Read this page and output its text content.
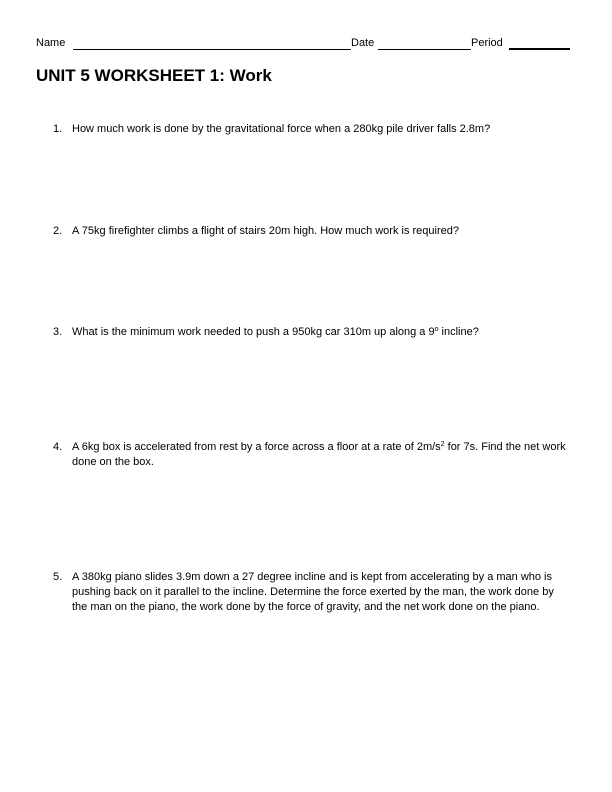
Name	Date	Period
UNIT 5 WORKSHEET 1: Work
1. How much work is done by the gravitational force when a 280kg pile driver falls 2.8m?
2. A 75kg firefighter climbs a flight of stairs 20m high. How much work is required?
3. What is the minimum work needed to push a 950kg car 310m up along a 9$^o$ incline?
4. A 6kg box is accelerated from rest by a force across a floor at a rate of $2m/s^2$ for 7s. Find the net work done on the box.
5. A 380kg piano slides 3.9m down a 27 degree incline and is kept from accelerating by a man who is pushing back on it parallel to the incline. Determine the force exerted by the man, the work done by the man on the piano, the work done by the force of gravity, and the net work done on the piano.
